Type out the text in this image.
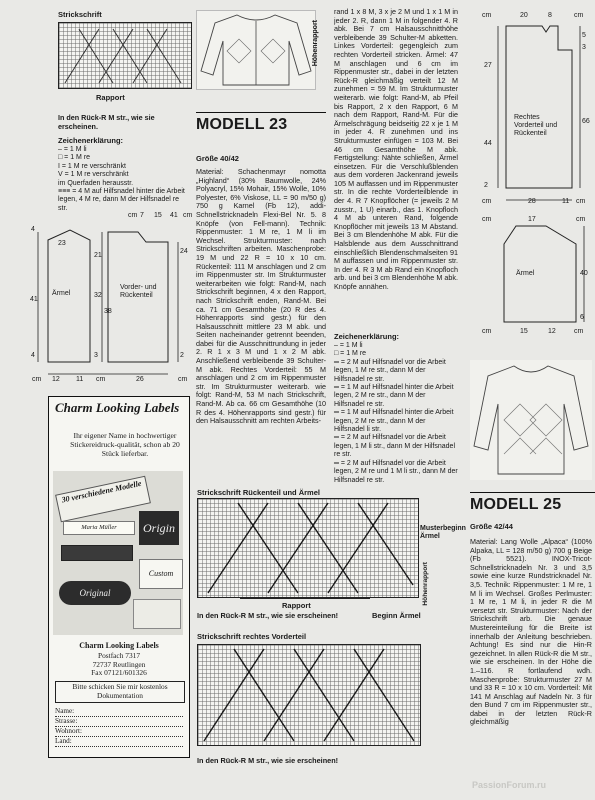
Strickschrift
Rapport
In den Rück-R M str., wie sie erscheinen.
Zeichenerklärung:
– = 1 M li
□ = 1 M re
I = 1 M re verschränkt
V = 1 M re verschränkt
im Querfaden herausstr.
≡≡≡ = 4 M auf Hilfsnadel hinter die Arbeit legen, 4 M re, dann M der Hilfsnadel re str.
cm 7 15 41 cm
4
23
41
4
Ärmel
21
32
38
3
Vorder- und Rückenteil
24
2
cm 12 11 cm	26	cm
Charm Looking Labels
Ihr eigener Name in hochwertiger Stickereidruck-qualität, schon ab 20 Stück lieferbar.
30 verschiedene Modelle
Maria Müller	Origin
Custom
Original
Charm Looking Labels
Postfach 7317
72737 Reutlingen
Fax 07121/601326
Bitte schicken Sie mir kostenlos Dokumentation
Name:
Strasse:
Wohnort:
Land:
Höhenrapport
MODELL 23
Größe 40/42
Material: Schachenmayr nomotta „Highland“ (30% Baumwolle, 24% Polyacryl, 15% Mohair, 15% Wolle, 10% Polyester, 6% Viskose, LL = 90 m/50 g) 750 g Karnel (Fb 12), addi-Schnellstricknadeln Flexi-Bel Nr. 5. 8 Knöpfe (von Fell-mann). Technik: Rippenmuster: 1 M re, 1 M li im Wechsel. Strukturmuster: nach Strickschriften arbeiten. Maschenprobe: 19 M und 22 R = 10 x 10 cm. Rückenteil: 111 M anschlagen und 2 cm im Rippenmuster str. Im Strukturmuster weiterarbeiten wie folgt: Rand-M, nach Strickschrift beginnen, 4 x den Rapport, nach Strickschrift enden, Rand-M. Bei ca. 71 cm Gesamthöhe (20 R des 4. Höhenrapports sind gestr.) für den Halsausschnitt mittlere 23 M abk. und Seiten nacheinander getrennt beenden, dabei für die Ausschnittrundung in jeder 2. R 1 x 3 M und 1 x 2 M abk. Anschließend verbleibende 39 Schulter-M abk. Rechtes Vorderteil: 55 M anschlagen und 2 cm im Rippenmuster str. Im Strukturmuster weiterarb. wie folgt: Rand-M, 53 M nach Strickschrift, Rand-M. Ab ca. 66 cm Gesamthöhe (10 R des 4. Höhenrapports sind gestr.) für den Halsausschnitt am rechten Arbeits-
Strickschrift Rückenteil und Ärmel
Musterbeginn Ärmel
Höhenrapport
Rapport
Beginn Ärmel
In den Rück-R M str., wie sie erscheinen!
Strickschrift rechtes Vorderteil
In den Rück-R M str., wie sie erscheinen!
rand 1 x 8 M, 3 x je 2 M und 1 x 1 M in jeder 2. R, dann 1 M in folgender 4. R abk. Bei 7 cm Halsausschnitthöhe verbleibende 39 Schulter-M abketten. Linkes Vorderteil: gegengleich zum rechten Vorderteil stricken. Ärmel: 47 M anschlagen und 6 cm im Rippenmuster str., dabei in der letzten Rück-R gleichmäßig verteilt 12 M zunehmen = 59 M. Im Strukturmuster weiterarb. wie folgt: Rand-M, ab Pfeil bis Rapport, 2 x den Rapport, 6 M nach dem Rapport, Rand-M. Für die Ärmelschrägung beidseitig 22 x je 1 M in jeder 4. R zunehmen und ins Strukturmuster einfügen = 103 M. Bei 46 cm Gesamthöhe M abk. Fertigstellung: Nähte schließen, Ärmel einsetzen. Für die Verschlußblenden aus dem vorderen Jackenrand jeweils 105 M auffassen und im Rippenmuster str. In die rechte Vorderteilblende in der 4. R 7 Knopflöcher (= jeweils 2 M zusstr., 1 U) einarb., das 1. Knopfloch 4 M ab unteren Rand, folgende Knopflöcher mit jeweils 13 M Abstand. Bei 3 cm Blendenhöhe M abk. Für die Halsblende aus dem Ausschnittrand einschließlich Blendenschmalseiten 91 M auffassen und im Rippenmuster str. In der 4. R 3 M ab Rand ein Knopfloch arb. und bei 3 cm Blendenhöhe M abk. Knöpfe annähen.
Zeichenerklärung:
– = 1 M li
□ = 1 M re
═ = 2 M auf Hilfsnadel vor die Arbeit legen, 1 M re str., dann M der Hilfsnadel re str.
═ = 1 M auf Hilfsnadel hinter die Arbeit legen, 2 M re str., dann M der Hilfsnadel re str.
═ = 1 M auf Hilfsnadel hinter die Arbeit legen, 2 M re str., dann M der Hilfsnadel li str.
═ = 2 M auf Hilfsnadel vor die Arbeit legen, 1 M li str., dann M der Hilfsnadel re str.
═ = 2 M auf Hilfsnadel vor die Arbeit legen, 2 M re und 1 M li str., dann M der Hilfsnadel re str.
cm	20	8	cm
5
3
27
66
44
2
Rechtes Vorderteil und Rückenteil
cm	28	11 cm
cm	17	cm
Ärmel	40
6
cm	15	12	cm
MODELL 25
Größe 42/44
Material: Lang Wolle „Alpaca“ (100% Alpaka, LL = 128 m/50 g) 700 g Beige (Fb 5521). INOX-Tricot-Schnellstricknadeln Nr. 3 und 3,5 sowie eine kurze Rundstricknadel Nr. 3,5. Technik: Rippenmuster: 1 M re, 1 M li im Wechsel. Großes Perlmuster: 1 M re, 1 M li, in jeder R die M versetzt str. Strukturmuster: Nach der Strickschrift arb. Die genaue Mustereinteilung für die Breite ist innerhalb der Anleitung beschrieben. Achtung! Es sind nur die Hin-R gezeichnet. In allen Rück-R die M str., wie sie erscheinen. In der Höhe die 1.–116. R fortlaufend wdh. Maschenprobe: Strukturmuster 27 M und 33 R = 10 x 10 cm. Vorderteil: Mit 141 M Anschlag auf Nadeln Nr. 3 für den Bund 7 cm im Rippenmuster str., dabei in der letzten Rück-R gleichmäßig
PassionForum.ru
